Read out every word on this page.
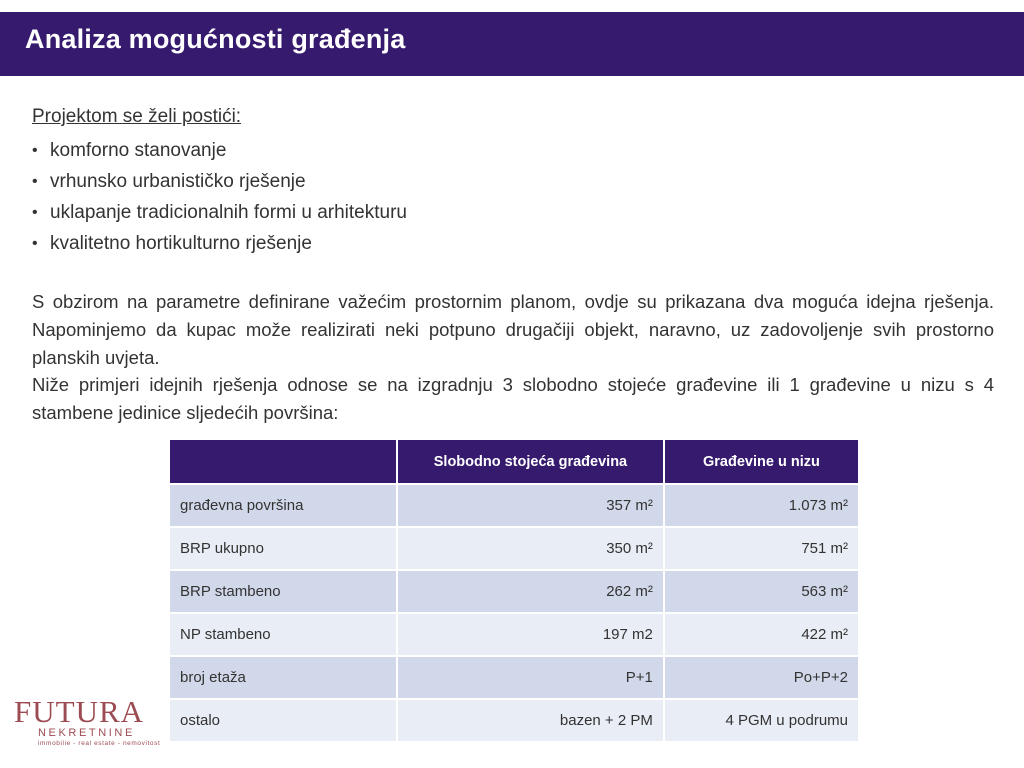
Analiza mogućnosti građenja
Projektom se želi postići:
• komforno stanovanje
• vrhunsko urbanističko rješenje
• uklapanje tradicionalnih formi u arhitekturu
• kvalitetno hortikulturno rješenje

S obzirom na parametre definirane važećim prostornim planom, ovdje su prikazana dva moguća idejna rješenja. Napominjemo da kupac može realizirati neki potpuno drugačiji objekt, naravno, uz zadovoljenje svih prostorno planskih uvjeta.

Niže primjeri idejnih rješenja odnose se na izgradnju 3 slobodno stojeće građevine ili 1 građevine u nizu s 4 stambene jedinice sljedećih površina:

	Slobodno stojeća građevina	Građevine u nizu
građevna površina	357 m²	1.073 m²
BRP ukupno	350 m²	751 m²
BRP stambeno	262 m²	563 m²
NP stambeno	197 m2	422 m²
broj etaža	P+1	Po+P+2
ostalo	bazen + 2 PM	4 PGM u podrumu
FUTURA
NEKRETNINE
immobilie - real estate - nemovitost
